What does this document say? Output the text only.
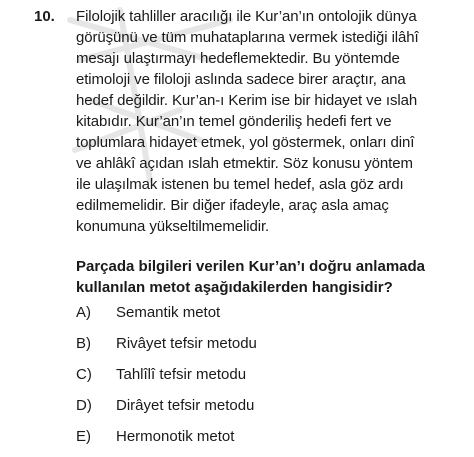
10. Filolojik tahliller aracılığı ile Kur’an’ın ontolojik dünya
görüşünü ve tüm muhataplarına vermek istediği ilâhî
mesajı ulaştırmayı hedeflemektedir. Bu yöntemde
etimoloji ve filoloji aslında sadece birer araçtır, ana
hedef değildir. Kur’an-ı Kerim ise bir hidayet ve ıslah
kitabıdır. Kur’an’ın temel gönderiliş hedefi fert ve
toplumlara hidayet etmek, yol göstermek, onları dinî
ve ahlâkî açıdan ıslah etmektir. Söz konusu yöntem
ile ulaşılmak istenen bu temel hedef, asla göz ardı
edilmemelidir. Bir diğer ifadeyle, araç asla amaç
konumuna yükseltilmemelidir.
Parçada bilgileri verilen Kur’an’ı doğru anlamada
kullanılan metot aşağıdakilerden hangisidir?
A)	Semantik metot
B)	Rivâyet tefsir metodu
C)	Tahlîlî tefsir metodu
D)	Dirâyet tefsir metodu
E)	Hermonotik metot
